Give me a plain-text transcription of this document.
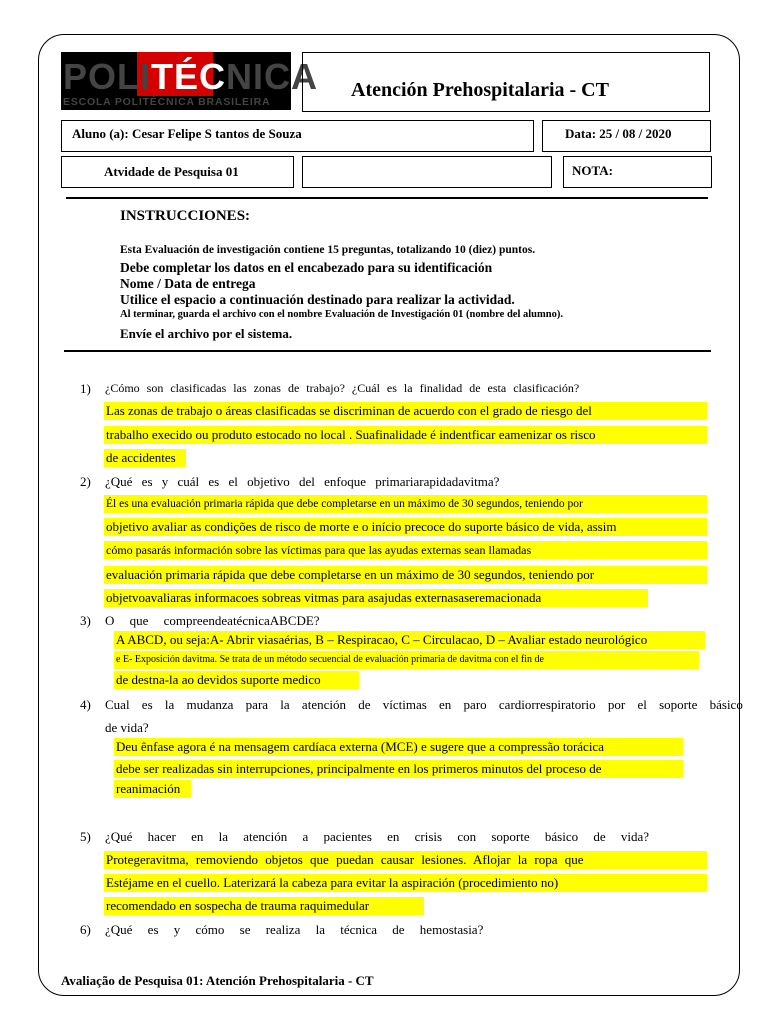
POLITÉCNICA
ESCOLA POLITÉCNICA BRASILEIRA
Atención Prehospitalaria - CT
Aluno (a): Cesar Felipe S tantos de Souza	Data: 25 / 08 / 2020
Atvidade de Pesquisa 01	NOTA:
INSTRUCCIONES:
Esta Evaluación de investigación contiene 15 preguntas, totalizando 10 (diez) puntos.
Debe completar los datos en el encabezado para su identificación
Nome / Data de entrega
Utilice el espacio a continuación destinado para realizar la actividad.
Al terminar, guarda el archivo con el nombre Evaluación de Investigación 01 (nombre del alumno).
Envíe el archivo por el sistema.
1) ¿Cómo son clasificadas las zonas de trabajo? ¿Cuál es la finalidad de esta clasificación?
Las zonas de trabajo o áreas clasificadas se discriminan de acuerdo con el grado de riesgo del
trabalho execido ou produto estocado no local . Suafinalidade é indentficar eamenizar os risco
de accidentes
2) ¿Qué es y cuál es el objetivo del enfoque primariarapidadavitma?
Él es una evaluación primaria rápida que debe completarse en un máximo de 30 segundos, teniendo por
objetivo avaliar as condições de risco de morte e o início precoce do suporte básico de vida, assim
cómo pasarás información sobre las víctimas para que las ayudas externas sean llamadas
evaluación primaria rápida que debe completarse en un máximo de 30 segundos, teniendo por
objetvoavaliaras informacoes sobreas vitmas para asajudas externasaseremacionada
3) O que compreendeatécnicaABCDE?
A ABCD, ou seja:A- Abrir viasaérias, B – Respiracao, C – Circulacao, D – Avaliar estado neurológico
e E- Exposición davitma. Se trata de un método secuencial de evaluación primaria de davitma con el fin de
de destna-la ao devidos suporte medico
4) Cual es la mudanza para la atención de víctimas en paro cardiorrespiratorio por el soporte básico
de vida?
Deu ênfase agora é na mensagem cardíaca externa (MCE) e sugere que a compressão torácica
debe ser realizadas sin interrupciones, principalmente en los primeros minutos del proceso de
reanimación
5) ¿Qué hacer en la atención a pacientes en crisis con soporte básico de vida?
Protegeravitma, removiendo objetos que puedan causar lesiones. Aflojar la ropa que
Estéjame en el cuello. Laterizará la cabeza para evitar la aspiración (procedimiento no)
recomendado en sospecha de trauma raquimedular
6) ¿Qué es y cómo se realiza la técnica de hemostasia?
Avaliação de Pesquisa 01: Atención Prehospitalaria - CT
